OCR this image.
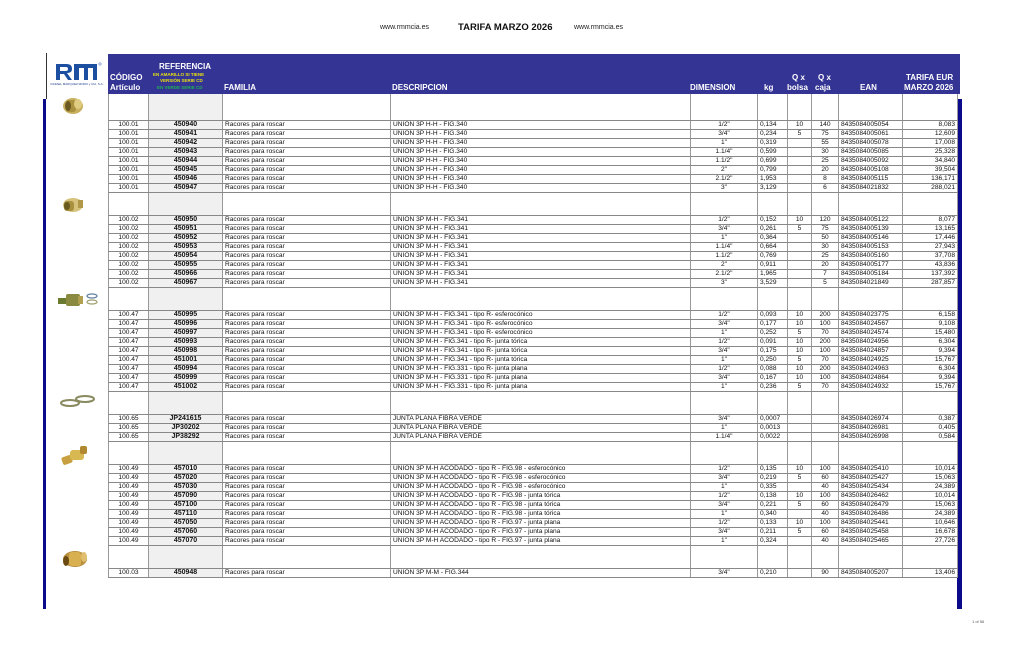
www.rmmcia.es	TARIFA MARZO 2026	www.rmmcia.es
RAFAEL MARQUEZ MORO y CIA, S.A.
CÓDIGO
Artículo
REFERENCIA
EN AMARILLO SI TIENE
VERSIÓN SERIE CD
EN VERDE SERIE CD	FAMILIA	DESCRIPCION	DIMENSION	kg
Q x
bolsa
Q x
caja	EAN
TARIFA EUR
MARZO 2026

100.01	450940	Racores para roscar	UNIÓN 3P H-H - FIG.340	1/2"	0,134	10	140	8435084005054	8,083
100.01	450941	Racores para roscar	UNIÓN 3P H-H - FIG.340	3/4"	0,234	5	75	8435084005061	12,609
100.01	450942	Racores para roscar	UNIÓN 3P H-H - FIG.340	1"	0,319		55	8435084005078	17,008
100.01	450943	Racores para roscar	UNIÓN 3P H-H - FIG.340	1.1/4"	0,599		30	8435084005085	25,328
100.01	450944	Racores para roscar	UNIÓN 3P H-H - FIG.340	1.1/2"	0,699		25	8435084005092	34,840
100.01	450945	Racores para roscar	UNIÓN 3P H-H - FIG.340	2"	0,799		20	8435084005108	39,504
100.01	450946	Racores para roscar	UNIÓN 3P H-H - FIG.340	2.1/2"	1,953		8	8435084005115	136,171
100.01	450947	Racores para roscar	UNIÓN 3P H-H - FIG.340	3"	3,129		6	8435084021832	288,021

100.02	450950	Racores para roscar	UNIÓN 3P M-H - FIG.341	1/2"	0,152	10	120	8435084005122	8,077
100.02	450951	Racores para roscar	UNIÓN 3P M-H - FIG.341	3/4"	0,261	5	75	8435084005139	13,165
100.02	450952	Racores para roscar	UNIÓN 3P M-H - FIG.341	1"	0,364		50	8435084005146	17,446
100.02	450953	Racores para roscar	UNIÓN 3P M-H - FIG.341	1.1/4"	0,664		30	8435084005153	27,943
100.02	450954	Racores para roscar	UNIÓN 3P M-H - FIG.341	1.1/2"	0,769		25	8435084005160	37,708
100.02	450955	Racores para roscar	UNIÓN 3P M-H - FIG.341	2"	0,911		20	8435084005177	43,836
100.02	450966	Racores para roscar	UNIÓN 3P M-H - FIG.341	2.1/2"	1,965		7	8435084005184	137,392
100.02	450967	Racores para roscar	UNIÓN 3P M-H - FIG.341	3"	3,529		5	8435084021849	287,857

100.47	450995	Racores para roscar	UNIÓN 3P M-H - FIG.341 - tipo R- esferocónico	1/2"	0,093	10	200	8435084023775	6,158
100.47	450996	Racores para roscar	UNIÓN 3P M-H - FIG.341 - tipo R- esferocónico	3/4"	0,177	10	100	8435084024567	9,108
100.47	450997	Racores para roscar	UNIÓN 3P M-H - FIG.341 - tipo R- esferocónico	1"	0,252	5	70	8435084024574	15,480
100.47	450993	Racores para roscar	UNIÓN 3P M-H - FIG.341 - tipo R- junta tórica	1/2"	0,091	10	200	8435084024956	6,304
100.47	450998	Racores para roscar	UNIÓN 3P M-H - FIG.341 - tipo R- junta tórica	3/4"	0,175	10	100	8435084024857	9,394
100.47	451001	Racores para roscar	UNIÓN 3P M-H - FIG.341 - tipo R- junta tórica	1"	0,250	5	70	8435084024925	15,767
100.47	450994	Racores para roscar	UNIÓN 3P M-H - FIG.331 - tipo R- junta plana	1/2"	0,088	10	200	8435084024963	6,304
100.47	450999	Racores para roscar	UNIÓN 3P M-H - FIG.331 - tipo R- junta plana	3/4"	0,167	10	100	8435084024864	9,394
100.47	451002	Racores para roscar	UNIÓN 3P M-H - FIG.331 - tipo R- junta plana	1"	0,236	5	70	8435084024932	15,767

100.65	JP241615	Racores para roscar	JUNTA PLANA FIBRA VERDE	3/4"	0,0007			8435084026974	0,387
100.65	JP30202	Racores para roscar	JUNTA PLANA FIBRA VERDE	1"	0,0013			8435084026981	0,405
100.65	JP38292	Racores para roscar	JUNTA PLANA FIBRA VERDE	1.1/4"	0,0022			8435084026998	0,584

100.49	457010	Racores para roscar	UNIÓN 3P M-H ACODADO - tipo R - FIG.98 - esferocónico	1/2"	0,135	10	100	8435084025410	10,014
100.49	457020	Racores para roscar	UNIÓN 3P M-H ACODADO - tipo R - FIG.98 - esferocónico	3/4"	0,219	5	60	8435084025427	15,063
100.49	457030	Racores para roscar	UNIÓN 3P M-H ACODADO - tipo R - FIG.98 - esferocónico	1"	0,335		40	8435084025434	24,389
100.49	457090	Racores para roscar	UNIÓN 3P M-H ACODADO - tipo R - FIG.98 - junta tórica	1/2"	0,138	10	100	8435084026462	10,014
100.49	457100	Racores para roscar	UNIÓN 3P M-H ACODADO - tipo R - FIG.98 - junta tórica	3/4"	0,221	5	60	8435084026479	15,063
100.49	457110	Racores para roscar	UNIÓN 3P M-H ACODADO - tipo R - FIG.98 - junta tórica	1"	0,340		40	8435084026486	24,389
100.49	457050	Racores para roscar	UNIÓN 3P M-H ACODADO - tipo R - FIG.97 - junta plana	1/2"	0,133	10	100	8435084025441	10,646
100.49	457060	Racores para roscar	UNIÓN 3P M-H ACODADO - tipo R - FIG.97 - junta plana	3/4"	0,211	5	60	8435084025458	16,678
100.49	457070	Racores para roscar	UNIÓN 3P M-H ACODADO - tipo R - FIG.97 - junta plana	1"	0,324		40	8435084025465	27,726

100.03	450948	Racores para roscar	UNIÓN 3P M-M - FIG.344	3/4"	0,210		90	8435084005207	13,406
1 of 56
